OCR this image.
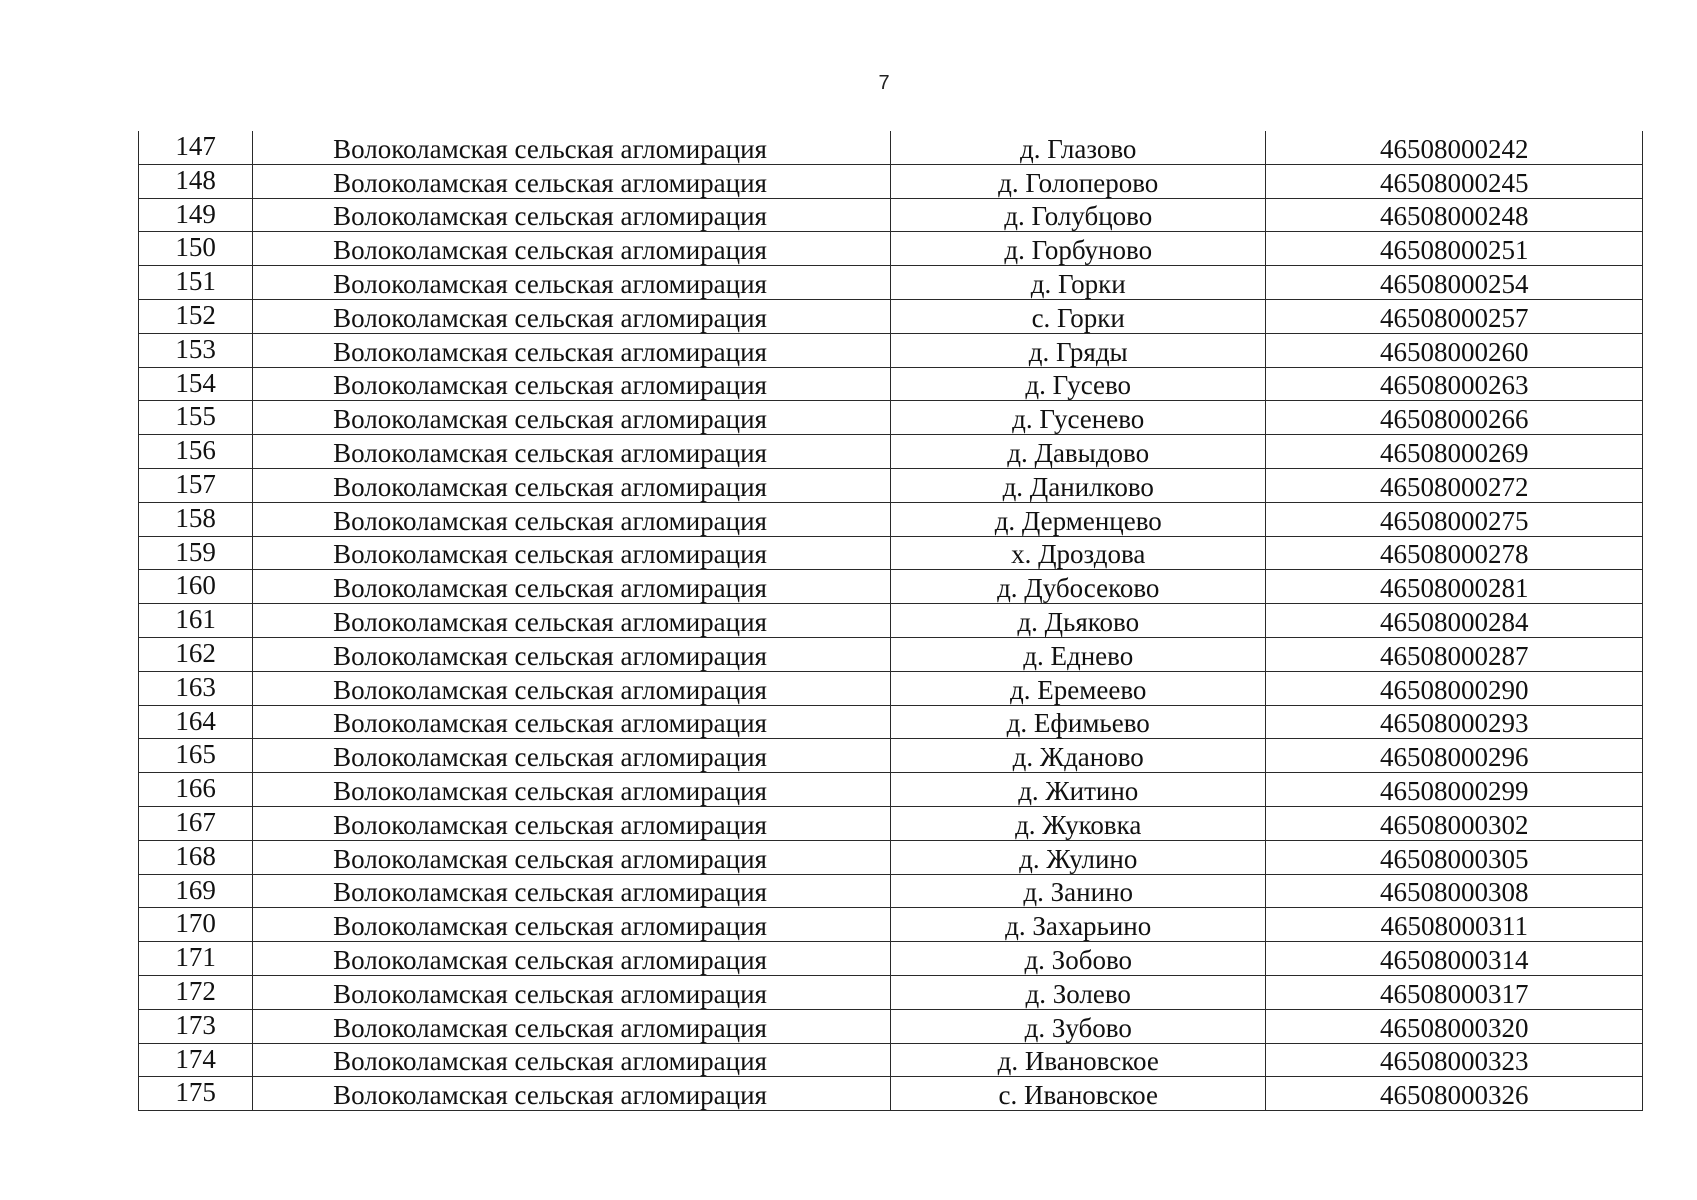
7
147	Волоколамская сельская агломирация	д. Глазово	46508000242
148	Волоколамская сельская агломирация	д. Голоперово	46508000245
149	Волоколамская сельская агломирация	д. Голубцово	46508000248
150	Волоколамская сельская агломирация	д. Горбуново	46508000251
151	Волоколамская сельская агломирация	д. Горки	46508000254
152	Волоколамская сельская агломирация	с. Горки	46508000257
153	Волоколамская сельская агломирация	д. Гряды	46508000260
154	Волоколамская сельская агломирация	д. Гусево	46508000263
155	Волоколамская сельская агломирация	д. Гусенево	46508000266
156	Волоколамская сельская агломирация	д. Давыдово	46508000269
157	Волоколамская сельская агломирация	д. Данилково	46508000272
158	Волоколамская сельская агломирация	д. Дерменцево	46508000275
159	Волоколамская сельская агломирация	х. Дроздова	46508000278
160	Волоколамская сельская агломирация	д. Дубосеково	46508000281
161	Волоколамская сельская агломирация	д. Дьяково	46508000284
162	Волоколамская сельская агломирация	д. Еднево	46508000287
163	Волоколамская сельская агломирация	д. Еремеево	46508000290
164	Волоколамская сельская агломирация	д. Ефимьево	46508000293
165	Волоколамская сельская агломирация	д. Жданово	46508000296
166	Волоколамская сельская агломирация	д. Житино	46508000299
167	Волоколамская сельская агломирация	д. Жуковка	46508000302
168	Волоколамская сельская агломирация	д. Жулино	46508000305
169	Волоколамская сельская агломирация	д. Занино	46508000308
170	Волоколамская сельская агломирация	д. Захарьино	46508000311
171	Волоколамская сельская агломирация	д. Зобово	46508000314
172	Волоколамская сельская агломирация	д. Золево	46508000317
173	Волоколамская сельская агломирация	д. Зубово	46508000320
174	Волоколамская сельская агломирация	д. Ивановское	46508000323
175	Волоколамская сельская агломирация	с. Ивановское	46508000326
